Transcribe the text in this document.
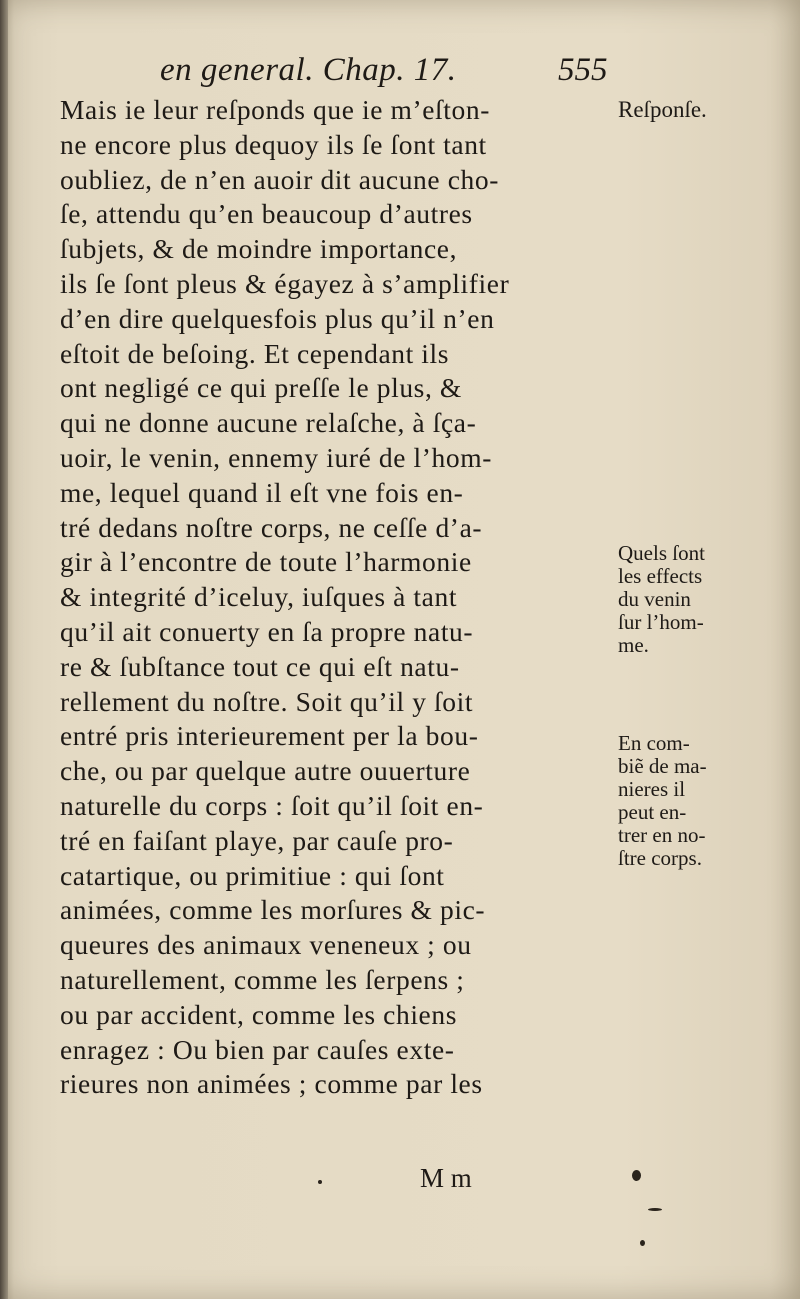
en general. Chap. 17.	555
Mais ie leur reſponds que ie m’eſton-
ne encore plus dequoy ils ſe ſont tant
oubliez, de n’en auoir dit aucune cho-
ſe, attendu qu’en beaucoup d’autres
ſubjets, & de moindre importance,
ils ſe ſont pleus & égayez à s’amplifier
d’en dire quelquesfois plus qu’il n’en
eſtoit de beſoing. Et cependant ils
ont negligé ce qui preſſe le plus, &
qui ne donne aucune relaſche, à ſça-
uoir, le venin, ennemy iuré de l’hom-
me, lequel quand il eſt vne fois en-
tré dedans noſtre corps, ne ceſſe d’a-
gir à l’encontre de toute l’harmonie
& integrité d’iceluy, iuſques à tant
qu’il ait conuerty en ſa propre natu-
re & ſubſtance tout ce qui eſt natu-
rellement du noſtre. Soit qu’il y ſoit
entré pris interieurement per la bou-
che, ou par quelque autre ouuerture
naturelle du corps : ſoit qu’il ſoit en-
tré en faiſant playe, par cauſe pro-
catartique, ou primitiue : qui ſont
animées, comme les morſures & pic-
queures des animaux veneneux ; ou
naturellement, comme les ſerpens ;
ou par accident, comme les chiens
enragez : Ou bien par cauſes exte-
rieures non animées ; comme par les
Reſponſe.
Quels ſont
les effects
du venin
ſur l’hom-
me.
En com-
biẽ de ma-
nieres il
peut en-
trer en no-
ſtre corps.
M m
